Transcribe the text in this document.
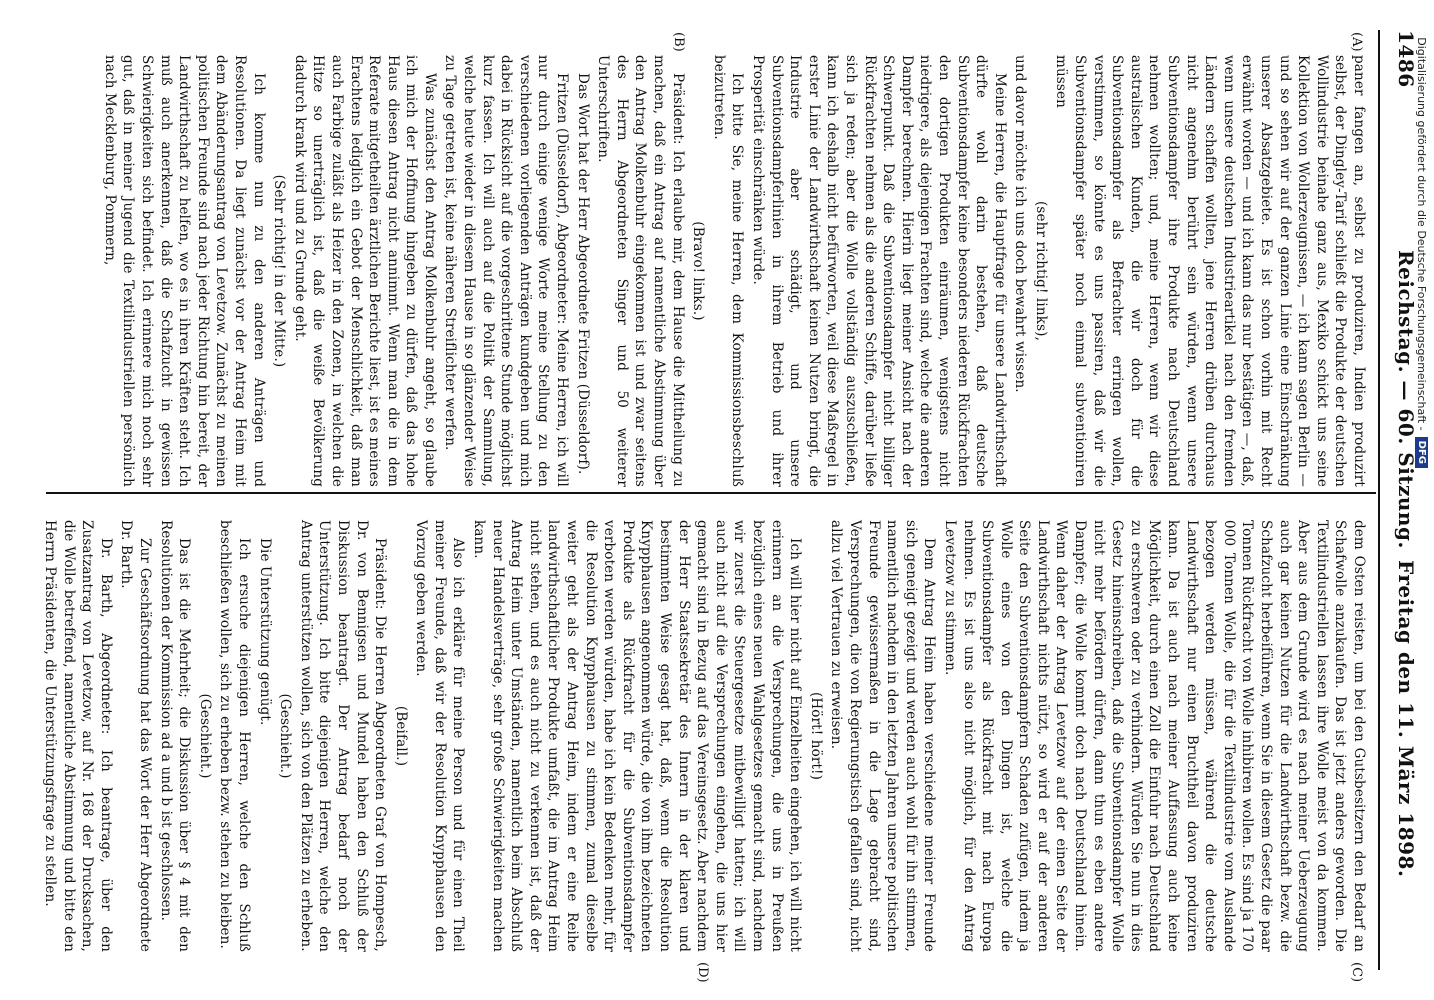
Digitalisierung gefördert durch die Deutsche Forschungsgemeinschaft -
DFG
1486
Reichstag. — 60. Sitzung.
Freitag den 11. März 1898.
(A)
(B)
(C)
(D)

paner fangen an, selbst zu produziren, Indien produzirt selbst, der Dingley-Tarif schließt die Produkte der deutschen Wollindustrie beinahe ganz aus, Mexiko schickt uns seine Kollektion von Wollerzeugnissen, — ich kann sagen Berlin — und so sehen wir auf der ganzen Linie eine Einschränkung unserer Absatzgebiete. Es ist schon vorhin mit Recht erwähnt worden — und ich kann das nur bestätigen —, daß, wenn unsere deutschen Industrieartikel nach den fremden Ländern schaffen wollten, jene Herren drüben durchaus nicht angenehm berührt sein würden, wenn unsere Subventionsdampfer ihre Produkte nach Deutschland nehmen wollten; und, meine Herren, wenn wir diese australischen Kunden, die wir doch für die Subventionsdampfer als Befrachter erringen wollen, verstimmen, so könnte es uns passiren, daß wir die Subventionsdampfer später noch einmal subventioniren müssen

(sehr richtig! links),

und davor möchte ich uns doch bewahrt wissen.

Meine Herren, die Hauptfrage für unsere Landwirthschaft dürfte wohl darin bestehen, daß deutsche Subventionsdampfer keine besonders niederen Rückfrachten den dortigen Produkten einräumen, wenigstens nicht niedrigere, als diejenigen Frachten sind, welche die anderen Dampfer berechnen. Hierin liegt meiner Ansicht nach der Schwerpunkt. Daß die Subventionsdampfer nicht billiger Rückfrachten nehmen als die anderen Schiffe, darüber ließe sich ja reden; aber die Wolle vollständig auszuschließen, kann ich deshalb nicht befürworten, weil diese Maßregel in erster Linie der Landwirthschaft keinen Nutzen bringt, die Industrie aber schädigt, und unsere Subventionsdampferlinien in ihrem Betrieb und ihrer Prosperität einschränken würde.

Ich bitte Sie, meine Herren, dem Kommissionsbeschluß beizutreten.

(Bravo! links.)

Präsident: Ich erlaube mir, dem Hause die Mittheilung zu machen, daß ein Antrag auf namentliche Abstimmung über den Antrag Molkenbuhr eingekommen ist und zwar seitens des Herrn Abgeordneten Singer und 50 weiterer Unterschriften.

Das Wort hat der Herr Abgeordnete Fritzen (Düsseldorf).

Fritzen (Düsseldorf), Abgeordneter: Meine Herren, ich will nur durch einige wenige Worte meine Stellung zu den verschiedenen vorliegenden Anträgen kundgeben und mich dabei in Rücksicht auf die vorgeschrittene Stunde möglichst kurz fassen. Ich will auch auf die Politik der Sammlung, welche heute wieder in diesem Hause in so glänzender Weise zu Tage getreten ist, keine näheren Streiflichter werfen.

Was zunächst den Antrag Molkenbuhr angeht, so glaube ich mich der Hoffnung hingeben zu dürfen, daß das hohe Haus diesen Antrag nicht annimmt. Wenn man die in dem Referate mitgetheilten ärztlichen Berichte liest, ist es meines Erachtens lediglich ein Gebot der Menschlichkeit, daß man auch Farbige zuläßt als Heizer in den Zonen, in welchen die Hitze so unerträglich ist, daß die weiße Bevölkerung dadurch krank wird und zu Grunde geht.

(Sehr richtig! in der Mitte.)

Ich komme nun zu den anderen Anträgen und Resolutionen. Da liegt zunächst vor der Antrag Heim mit dem Abänderungsantrag von Levetzow. Zunächst zu meinen politischen Freunde sind nach jeder Richtung hin bereit, der Landwirthschaft zu helfen, wo es in ihren Kräften steht. Ich muß auch anerkennen, daß die Schafzucht in gewissen Schwierigkeiten sich befindet. Ich erinnere mich noch sehr gut, daß in meiner Jugend die Textilindustriellen persönlich nach Mecklenburg, Pommern,

dem Osten reisten, um bei den Gutsbesitzern den Bedarf an Schafwolle anzukaufen. Das ist jetzt anders geworden. Die Textilindustriellen lassen ihre Wolle meist von da kommen. Aber aus dem Grunde wird es nach meiner Ueberzeugung auch gar keinen Nutzen für die Landwirthschaft bezw. die Schafzucht herbeiführen, wenn Sie in diesem Gesetz die paar Tonnen Rückfracht von Wolle inhibiren wollen. Es sind ja 170 000 Tonnen Wolle, die für die Textilindustrie vom Auslande bezogen werden müssen, während die deutsche Landwirthschaft nur einen Bruchtheil davon produziren kann. Da ist auch nach meiner Auffassung auch keine Möglichkeit, durch einen Zoll die Einfuhr nach Deutschland zu erschweren oder zu verhindern. Würden Sie nun in dies Gesetz hineinschreiben, daß die Subventionsdampfer Wolle nicht mehr befördern dürfen, dann thun es eben andere Dampfer; die Wolle kommt doch nach Deutschland hinein. Wenn daher der Antrag Levetzow auf der einen Seite der Landwirthschaft nichts nützt, so wird er auf der anderen Seite den Subventionsdampfern Schaden zufügen, indem ja Wolle eines von den Dingen ist, welche die Subventionsdampfer als Rückfracht mit nach Europa nehmen. Es ist uns also nicht möglich, für den Antrag Levetzow zu stimmen.

Dem Antrag Heim haben verschiedene meiner Freunde sich geneigt gezeigt und werden auch wohl für ihn stimmen, namentlich nachdem in den letzten Jahren unsere politischen Freunde gewissermaßen in die Lage gebracht sind, Versprechungen, die von Regierungstisch gefallen sind, nicht allzu viel Vertrauen zu erweisen.

(Hört! hört!)

Ich will hier nicht auf Einzelheiten eingehen, ich will nicht erinnern an die Versprechungen, die uns in Preußen bezüglich eines neuen Wahlgesetzes gemacht sind, nachdem wir zuerst die Steuergesetze mitbewilligt hatten; ich will auch nicht auf die Versprechungen eingehen, die uns hier gemacht sind in Bezug auf das Vereinsgesetz. Aber nachdem der Herr Staatssekretär des Innern in der klaren und bestimmten Weise gesagt hat, daß, wenn die Resolution Knypphausen angenommen würde, die von ihm bezeichneten Produkte als Rückfracht für die Subventionsdampfer verboten werden würden, habe ich kein Bedenken mehr, für die Resolution Knypphausen zu stimmen, zumal dieselbe weiter geht als der Antrag Heim, indem er eine Reihe landwirthschaftlicher Produkte umfaßt, die im Antrag Heim nicht stehen, und es auch nicht zu verkennen ist, daß der Antrag Heim unter Umständen, namentlich beim Abschluß neuer Handelsverträge, sehr große Schwierigkeiten machen kann.

Also ich erkläre für meine Person und für einen Theil meiner Freunde, daß wir der Resolution Knypphausen den Vorzug geben werden.

(Beifall.)

Präsident: Die Herren Abgeordneten Graf von Hompesch, Dr. von Bennigsen und Mundel haben den Schluß der Diskussion beantragt. Der Antrag bedarf noch der Unterstützung. Ich bitte diejenigen Herren, welche den Antrag unterstützen wollen, sich von den Plätzen zu erheben.

(Geschieht.)

Die Unterstützung genügt.

Ich ersuche diejenigen Herren, welche den Schluß beschließen wollen, sich zu erheben bezw. stehen zu bleiben.

(Geschieht.)

Das ist die Mehrheit; die Diskussion über § 4 mit den Resolutionen der Kommission ad a und b ist geschlossen.

Zur Geschäftsordnung hat das Wort der Herr Abgeordnete Dr. Barth.

Dr. Barth, Abgeordneter: Ich beantrage, über den Zusatzantrag von Levetzow, auf Nr. 168 der Drucksachen, die Wolle betreffend, namentliche Abstimmung und bitte den Herrn Präsidenten, die Unterstützungsfrage zu stellen.
